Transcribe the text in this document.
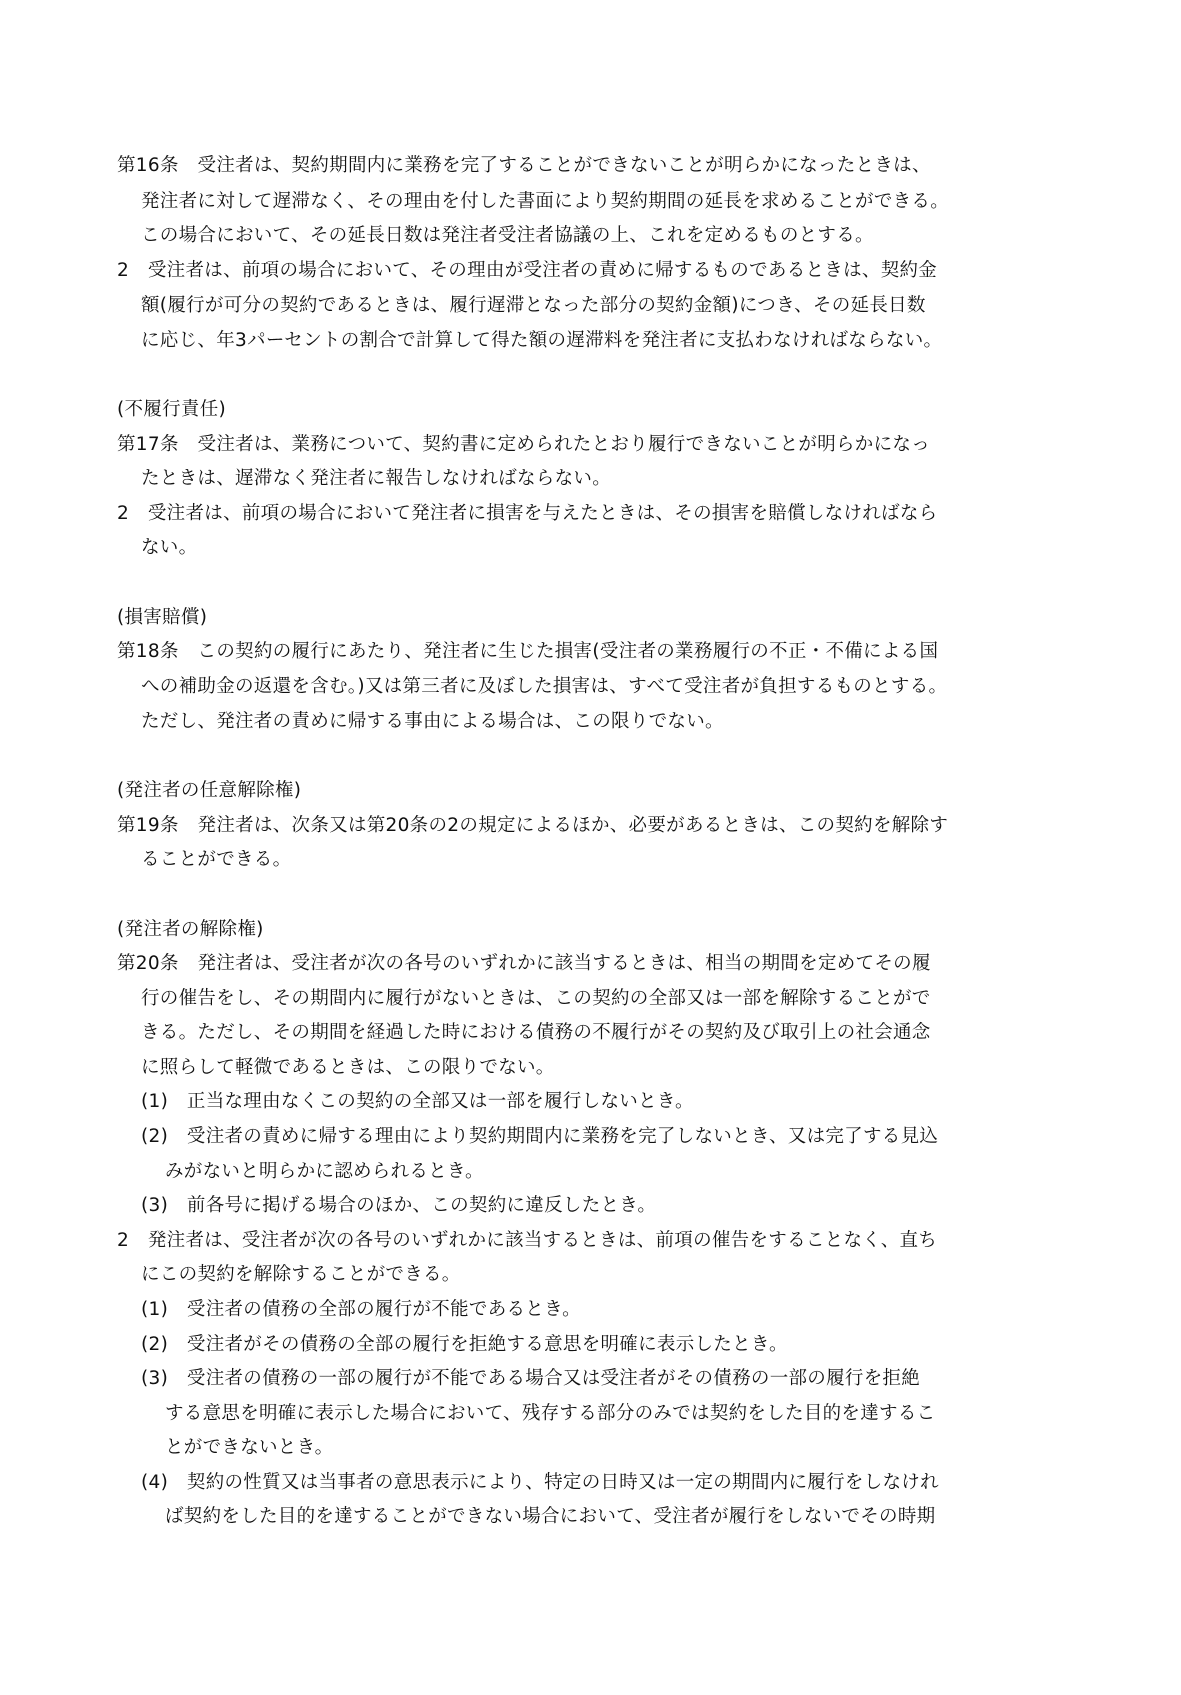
第16条　受注者は、契約期間内に業務を完了することができないことが明らかになったときは、
発注者に対して遅滞なく、その理由を付した書面により契約期間の延長を求めることができる。
この場合において、その延長日数は発注者受注者協議の上、これを定めるものとする。
2　受注者は、前項の場合において、その理由が受注者の責めに帰するものであるときは、契約金
額(履行が可分の契約であるときは、履行遅滞となった部分の契約金額)につき、その延長日数
に応じ、年3パーセントの割合で計算して得た額の遅滞料を発注者に支払わなければならない。
(不履行責任)
第17条　受注者は、業務について、契約書に定められたとおり履行できないことが明らかになっ
たときは、遅滞なく発注者に報告しなければならない。
2　受注者は、前項の場合において発注者に損害を与えたときは、その損害を賠償しなければなら
ない。
(損害賠償)
第18条　この契約の履行にあたり、発注者に生じた損害(受注者の業務履行の不正・不備による国
への補助金の返還を含む。)又は第三者に及ぼした損害は、すべて受注者が負担するものとする。
ただし、発注者の責めに帰する事由による場合は、この限りでない。
(発注者の任意解除権)
第19条　発注者は、次条又は第20条の2の規定によるほか、必要があるときは、この契約を解除す
ることができる。
(発注者の解除権)
第20条　発注者は、受注者が次の各号のいずれかに該当するときは、相当の期間を定めてその履
行の催告をし、その期間内に履行がないときは、この契約の全部又は一部を解除することがで
きる。ただし、その期間を経過した時における債務の不履行がその契約及び取引上の社会通念
に照らして軽微であるときは、この限りでない。
(1)　正当な理由なくこの契約の全部又は一部を履行しないとき。
(2)　受注者の責めに帰する理由により契約期間内に業務を完了しないとき、又は完了する見込
みがないと明らかに認められるとき。
(3)　前各号に掲げる場合のほか、この契約に違反したとき。
2　発注者は、受注者が次の各号のいずれかに該当するときは、前項の催告をすることなく、直ち
にこの契約を解除することができる。
(1)　受注者の債務の全部の履行が不能であるとき。
(2)　受注者がその債務の全部の履行を拒絶する意思を明確に表示したとき。
(3)　受注者の債務の一部の履行が不能である場合又は受注者がその債務の一部の履行を拒絶
する意思を明確に表示した場合において、残存する部分のみでは契約をした目的を達するこ
とができないとき。
(4)　契約の性質又は当事者の意思表示により、特定の日時又は一定の期間内に履行をしなけれ
ば契約をした目的を達することができない場合において、受注者が履行をしないでその時期
